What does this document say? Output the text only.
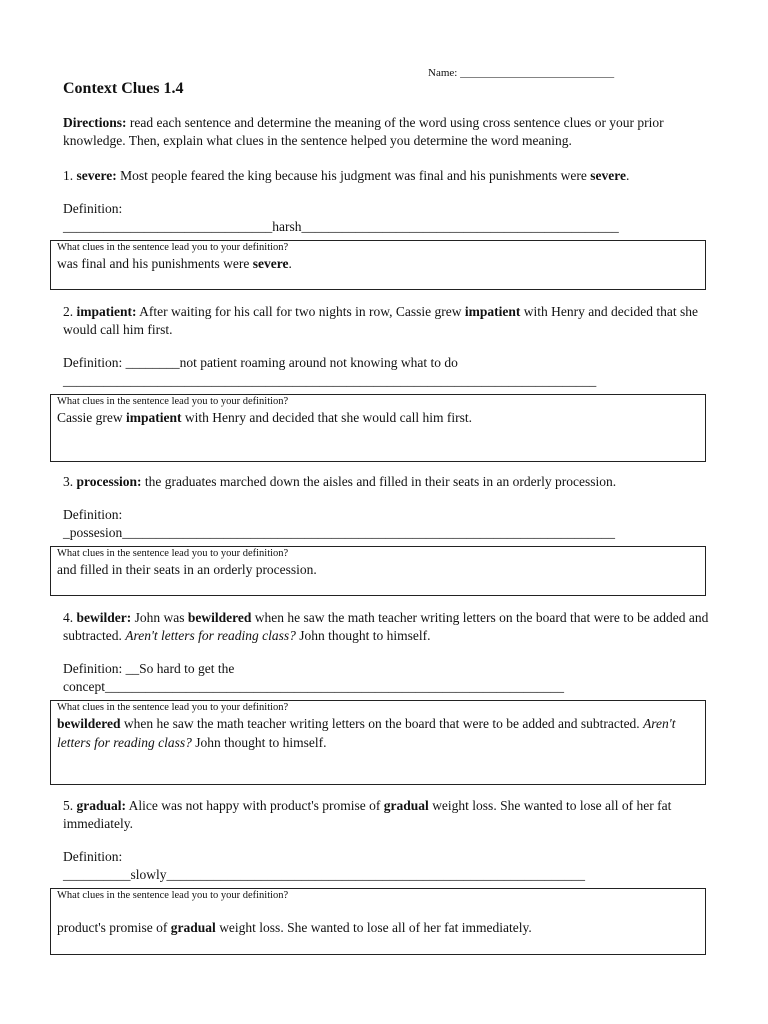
Name: ____________________________
Context Clues 1.4
Directions: read each sentence and determine the meaning of the word using cross sentence clues or your prior knowledge. Then, explain what clues in the sentence helped you determine the word meaning.
1. severe: Most people feared the king because his judgment was final and his punishments were severe.
Definition:
_______________________________harsh_______________________________________________
What clues in the sentence lead you to your definition?
was final and his punishments were severe.
2. impatient: After waiting for his call for two nights in row, Cassie grew impatient with Henry and decided that she would call him first.
Definition: ________not patient roaming around not knowing what to do
_______________________________________________________________________________
What clues in the sentence lead you to your definition?
Cassie grew impatient with Henry and decided that she would call him first.
3. procession: the graduates marched down the aisles and filled in their seats in an orderly procession.
Definition:
_possesion_________________________________________________________________________
What clues in the sentence lead you to your definition?
and filled in their seats in an orderly procession.
4. bewilder: John was bewildered when he saw the math teacher writing letters on the board that were to be added and subtracted. Aren't letters for reading class? John thought to himself.
Definition: __So hard to get the
concept____________________________________________________________________
What clues in the sentence lead you to your definition?
bewildered when he saw the math teacher writing letters on the board that were to be added and subtracted. Aren't letters for reading class? John thought to himself.
5. gradual: Alice was not happy with product's promise of gradual weight loss. She wanted to lose all of her fat immediately.
Definition:
__________slowly______________________________________________________________
What clues in the sentence lead you to your definition?
product's promise of gradual weight loss. She wanted to lose all of her fat immediately.
